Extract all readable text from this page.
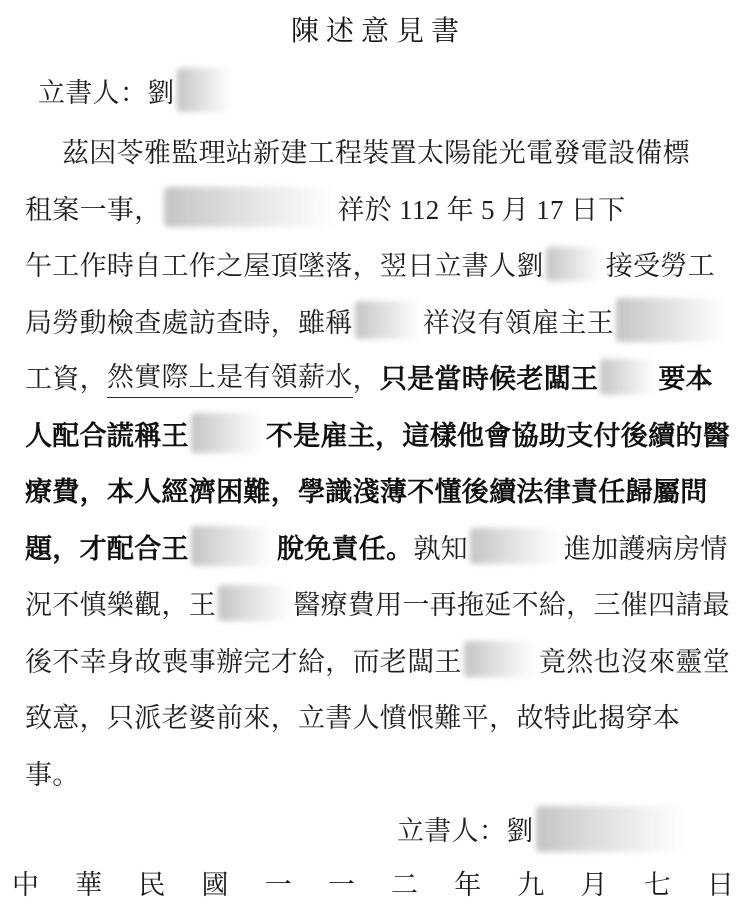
陳述意見書
立書人：劉
茲因苓雅監理站新建工程裝置太陽能光電發電設備標
租案一事，	祥於 112 年 5 月 17 日下
午工作時自工作之屋頂墜落，翌日立書人劉 接受勞工
局勞動檢查處訪查時，雖稱	祥沒有領雇主王
工資， 然實際上是有領薪水 ， 只是當時候老闆王 要本
人配合謊稱王	不是雇主，這樣他會協助支付後續的醫
療費，本人經濟困難，學識淺薄不懂後續法律責任歸屬問
題，才配合王	脫免責任。 孰知	進加護病房情
況不慎樂觀，王	醫療費用一再拖延不給，三催四請最
後不幸身故喪事辦完才給，而老闆王	竟然也沒來靈堂
致意，只派老婆前來，立書人憤恨難平，故特此揭穿本
事。
立書人：劉
中 華 民 國 一 一 二 年 九 月 七 日
